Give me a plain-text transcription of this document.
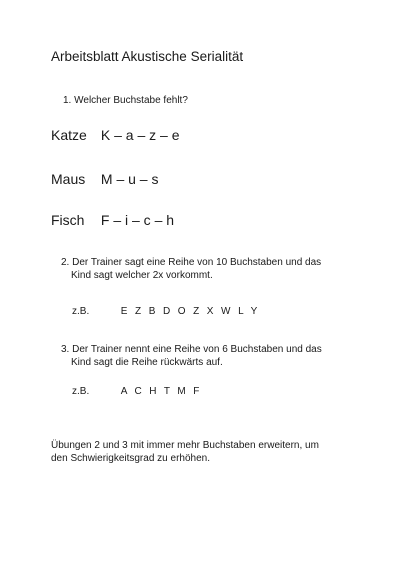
Arbeitsblatt Akustische Serialität
1. Welcher Buchstabe fehlt?
Katze K – a – z – e
Maus M – u – s
Fisch F – i – c – h
2. Der Trainer sagt eine Reihe von 10 Buchstaben und das
Kind sagt welcher 2x vorkommt.
z.B.	E Z B D O Z X W L Y
3. Der Trainer nennt eine Reihe von 6 Buchstaben und das
Kind sagt die Reihe rückwärts auf.
z.B.	A C H T M F
Übungen 2 und 3 mit immer mehr Buchstaben erweitern, um
den Schwierigkeitsgrad zu erhöhen.
